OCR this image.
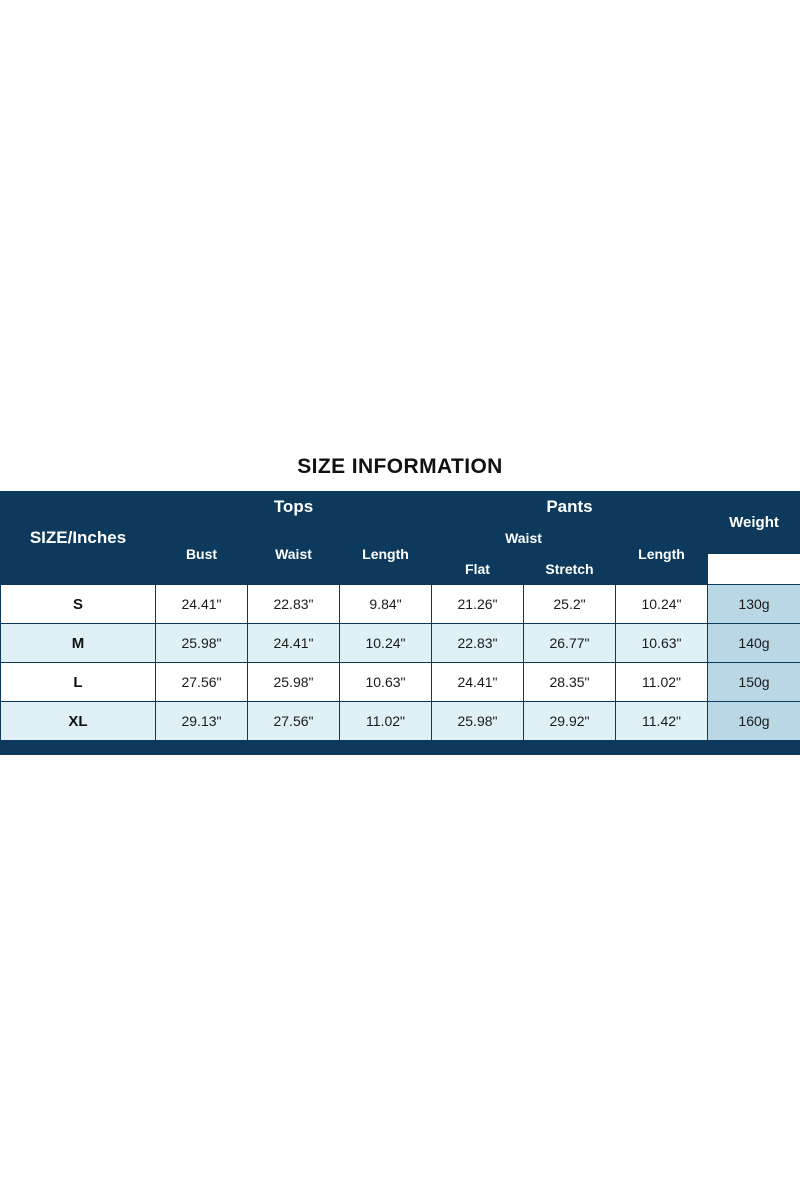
SIZE INFORMATION
SIZE/Inches	Tops			Pants			Weight
	Bust	Waist	Length	Waist		Length	
				Flat	Stretch	
S	24.41"	22.83"	9.84"	21.26"	25.2"	10.24"	130g
M	25.98"	24.41"	10.24"	22.83"	26.77"	10.63"	140g
L	27.56"	25.98"	10.63"	24.41"	28.35"	11.02"	150g
XL	29.13"	27.56"	11.02"	25.98"	29.92"	11.42"	160g
